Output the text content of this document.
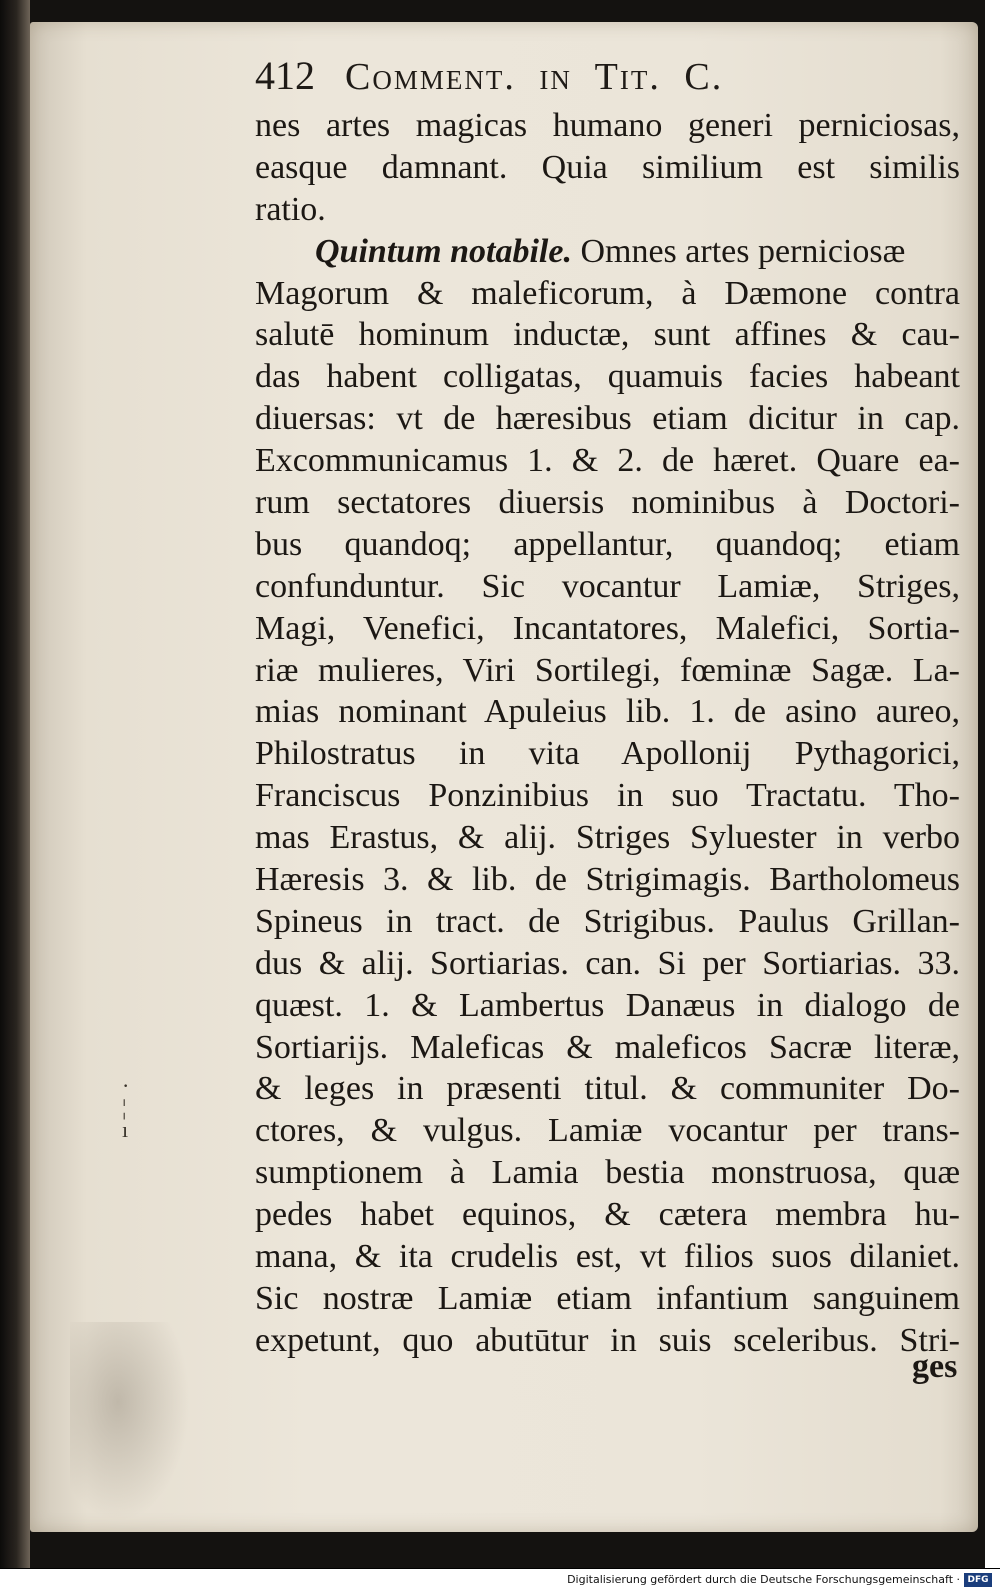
·
¦
ı
412 Comment. in Tit. C.
nes artes magicas humano generi perniciosas,
easque damnant. Quia similium est similis
ratio.
Quintum notabile. Omnes artes perniciosæ
Magorum & maleficorum, à Dæmone contra
salutē hominum inductæ, sunt affines & cau-
das habent colligatas, quamuis facies habeant
diuersas: vt de hæresibus etiam dicitur in cap.
Excommunicamus 1. & 2. de hæret. Quare ea-
rum sectatores diuersis nominibus à Doctori-
bus quandoq; appellantur, quandoq; etiam
confunduntur. Sic vocantur Lamiæ, Striges,
Magi, Venefici, Incantatores, Malefici, Sortia-
riæ mulieres, Viri Sortilegi, fœminæ Sagæ. La-
mias nominant Apuleius lib. 1. de asino aureo,
Philostratus in vita Apollonij Pythagorici,
Franciscus Ponzinibius in suo Tractatu. Tho-
mas Erastus, & alij. Striges Syluester in verbo
Hæresis 3. & lib. de Strigimagis. Bartholomeus
Spineus in tract. de Strigibus. Paulus Grillan-
dus & alij. Sortiarias. can. Si per Sortiarias. 33.
quæst. 1. & Lambertus Danæus in dialogo de
Sortiarijs. Maleficas & maleficos Sacræ literæ,
& leges in præsenti titul. & communiter Do-
ctores, & vulgus. Lamiæ vocantur per trans-
sumptionem à Lamia bestia monstruosa, quæ
pedes habet equinos, & cætera membra hu-
mana, & ita crudelis est, vt filios suos dilaniet.
Sic nostræ Lamiæ etiam infantium sanguinem
expetunt, quo abutūtur in suis sceleribus. Stri-
ges
Digitalisierung gefördert durch die Deutsche Forschungsgemeinschaft · DFG
